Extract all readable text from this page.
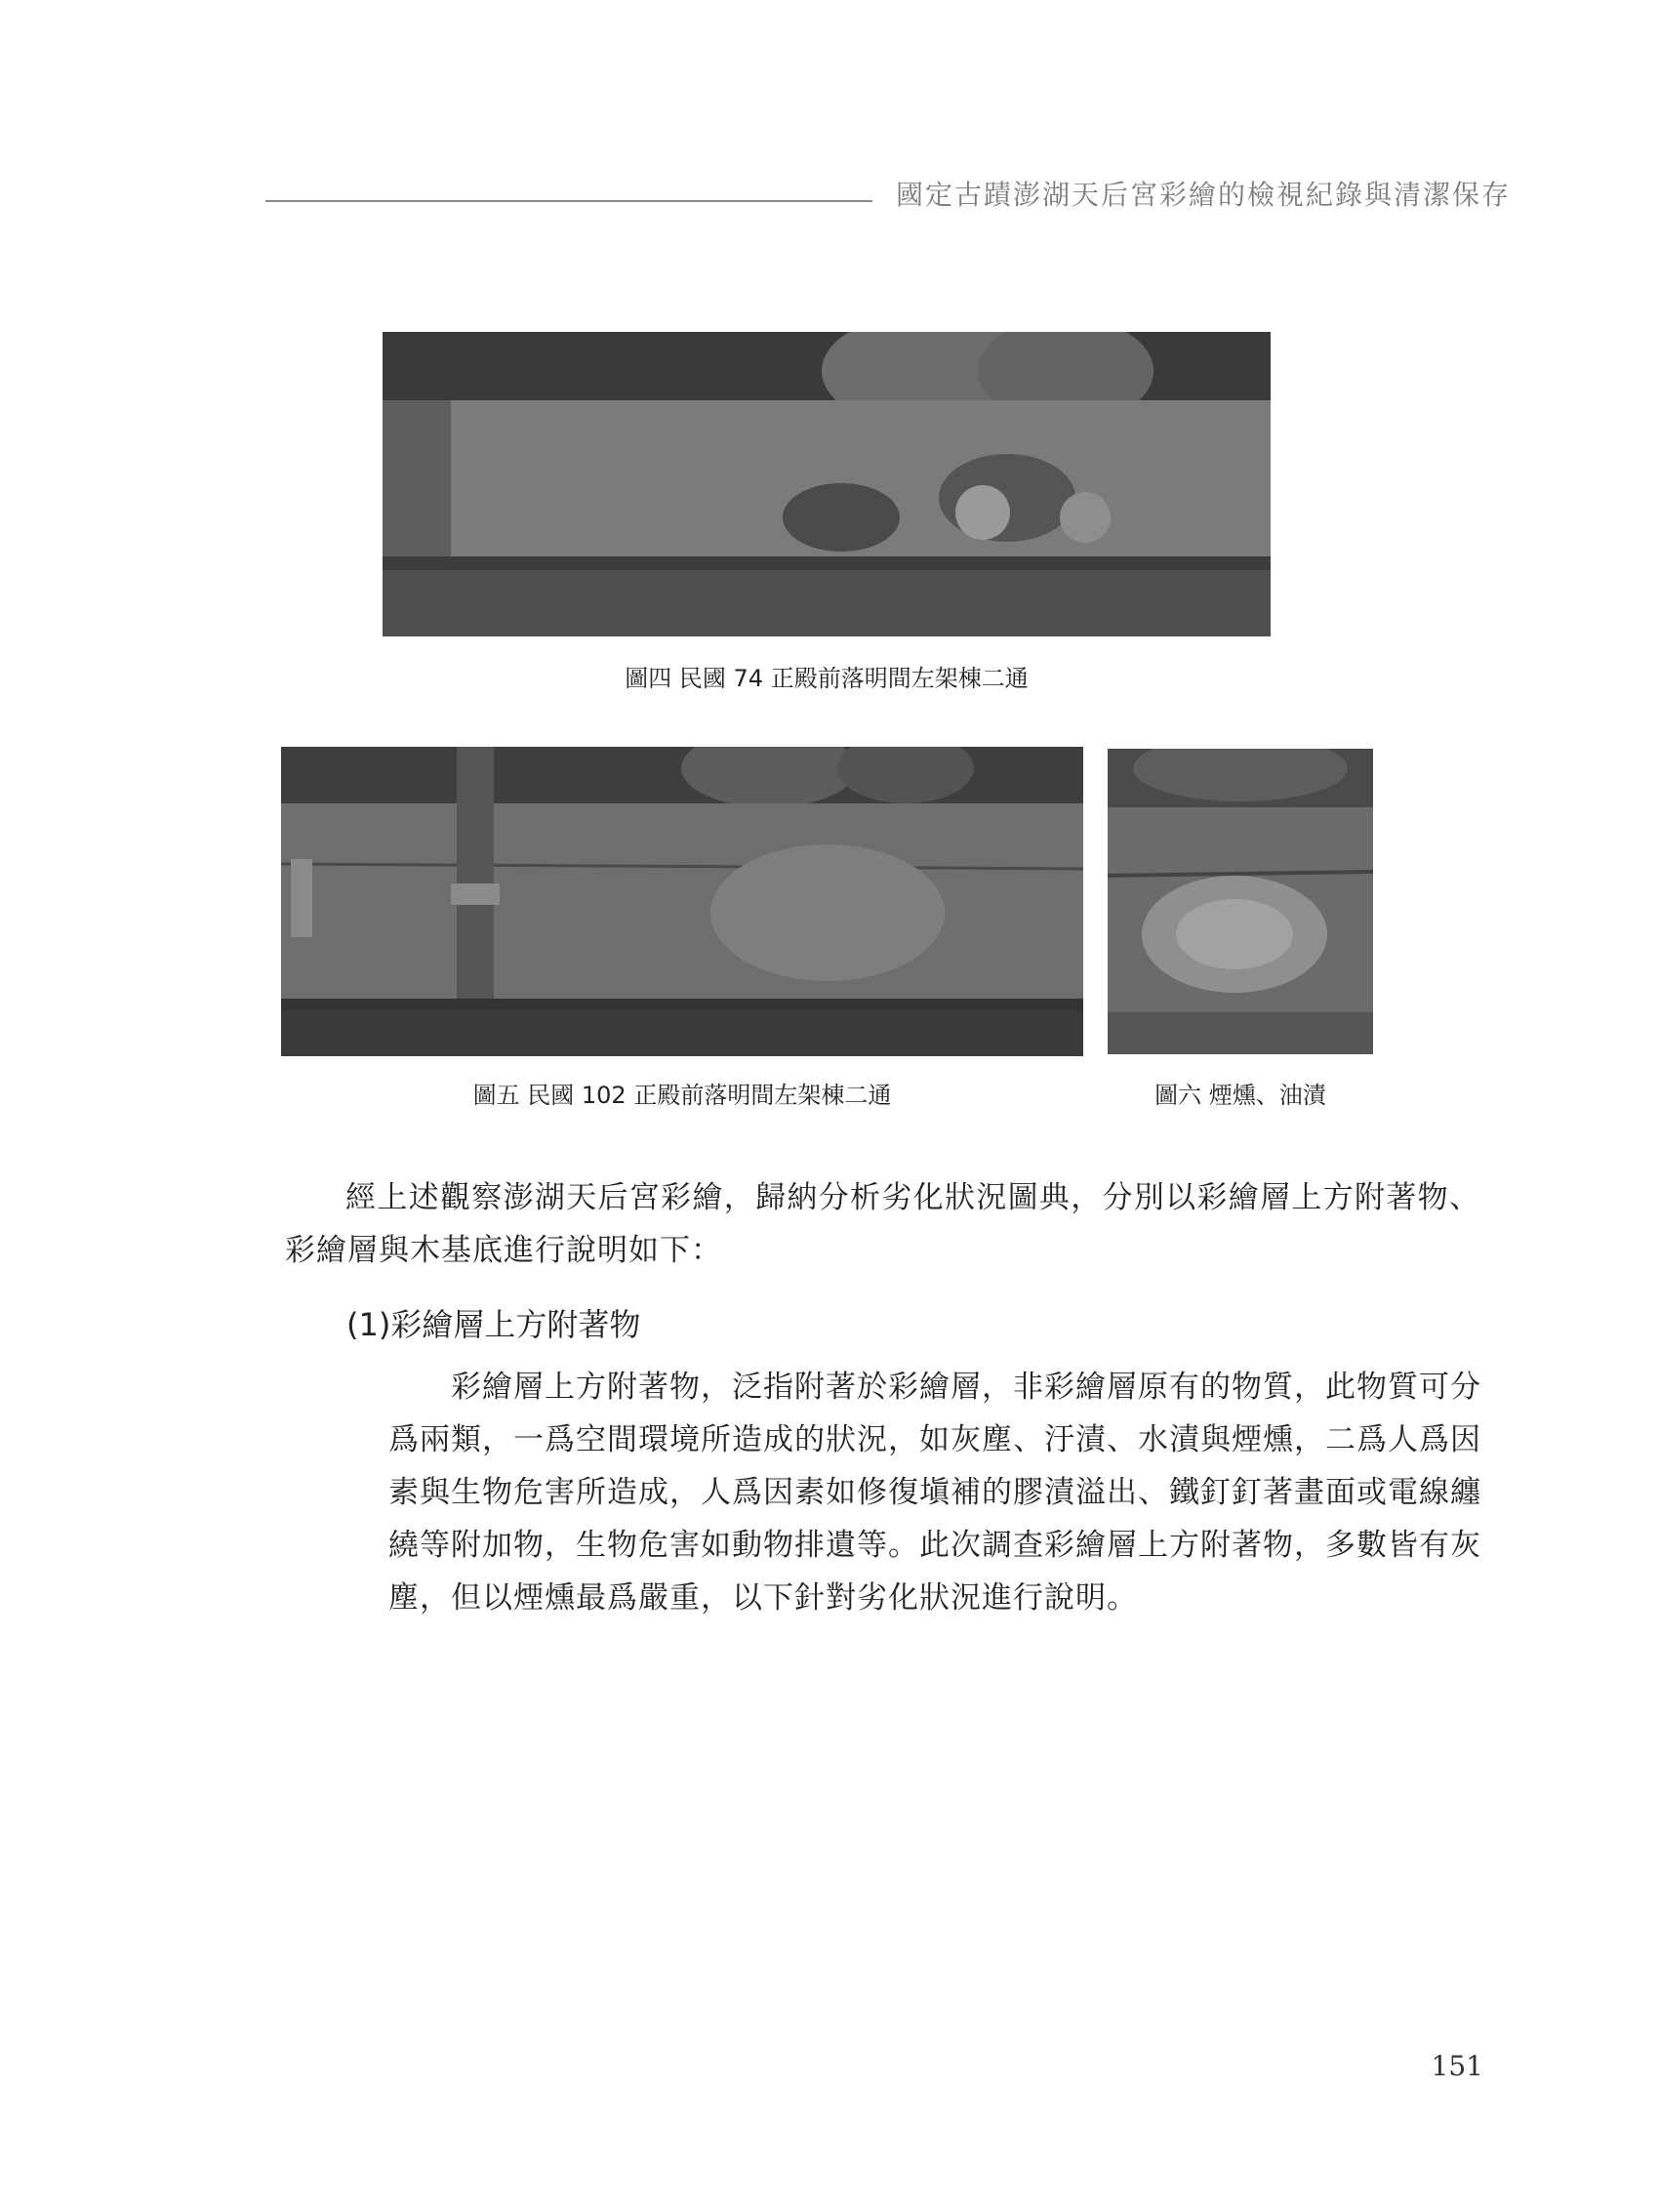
國定古蹟澎湖天后宮彩繪的檢視紀錄與清潔保存
圖四 民國 74 正殿前落明間左架棟二通
圖五 民國 102 正殿前落明間左架棟二通	圖六 煙燻、油漬
經上述觀察澎湖天后宮彩繪，歸納分析劣化狀況圖典，分別以彩繪層上方附著物、彩繪層與木基底進行說明如下：
(1)彩繪層上方附著物
彩繪層上方附著物，泛指附著於彩繪層，非彩繪層原有的物質，此物質可分爲兩類，一爲空間環境所造成的狀況，如灰塵、汙漬、水漬與煙燻，二爲人爲因素與生物危害所造成，人爲因素如修復塡補的膠漬溢出、鐵釘釘著畫面或電線纏繞等附加物，生物危害如動物排遺等。此次調查彩繪層上方附著物，多數皆有灰塵，但以煙燻最爲嚴重，以下針對劣化狀況進行說明。
151
